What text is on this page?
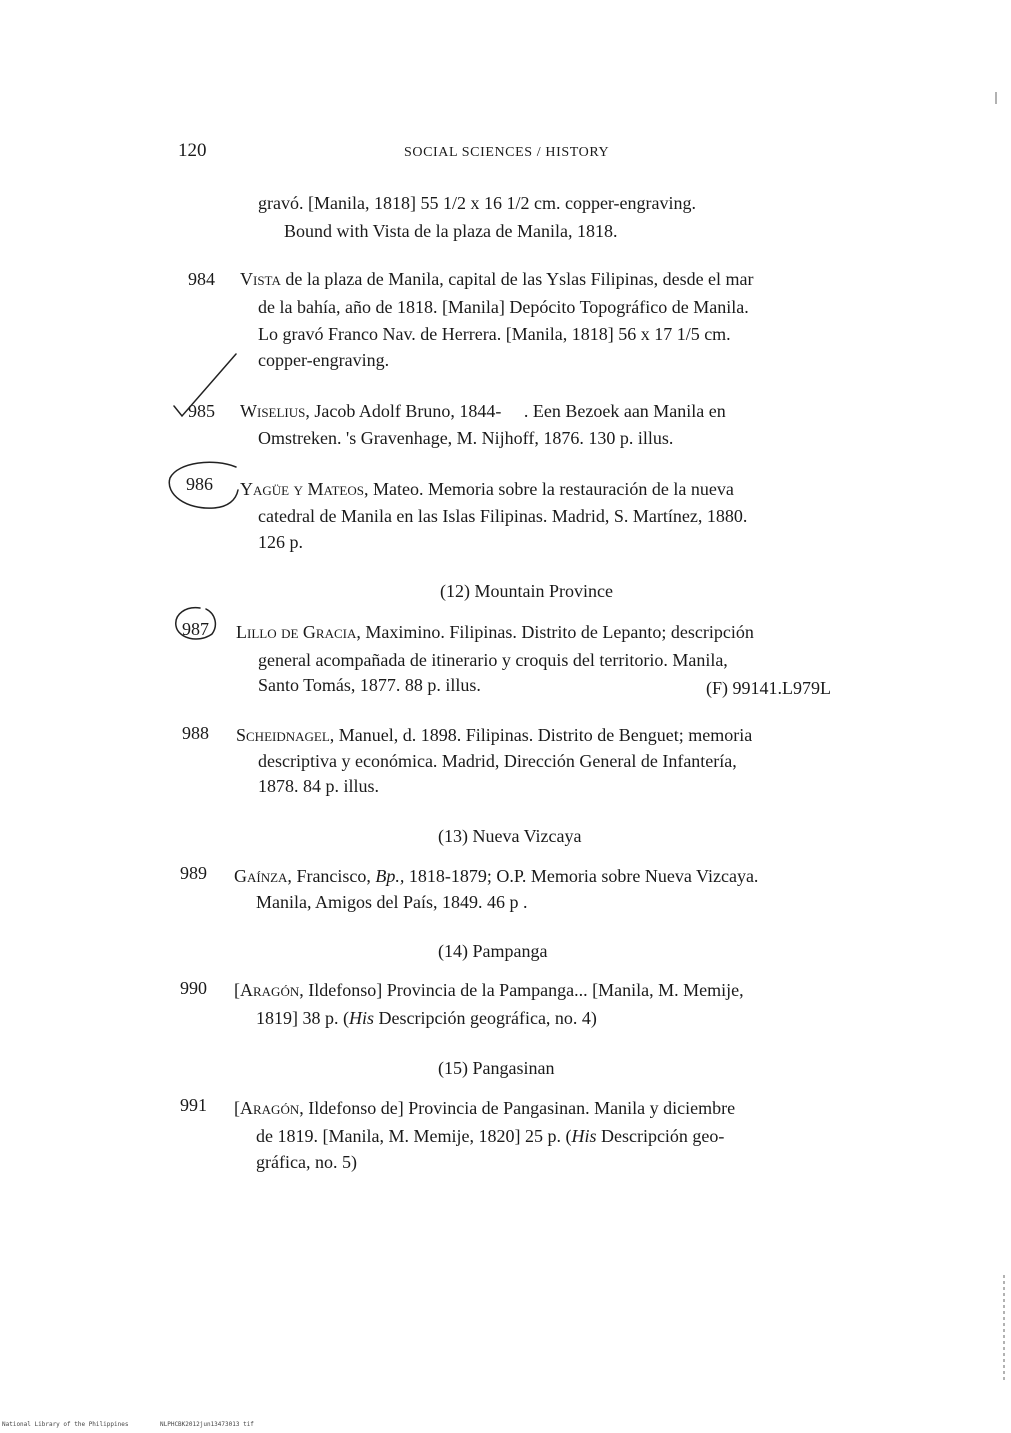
120	SOCIAL SCIENCES / HISTORY
gravó. [Manila, 1818] 55 1/2 x 16 1/2 cm. copper-engraving.
Bound with Vista de la plaza de Manila, 1818.
984 Vista de la plaza de Manila, capital de las Yslas Filipinas, desde el mar
de la bahía, año de 1818. [Manila] Depócito Topográfico de Manila.
Lo gravó Franco Nav. de Herrera. [Manila, 1818] 56 x 17 1/5 cm.
copper-engraving.
985 Wiselius, Jacob Adolf Bruno, 1844-     . Een Bezoek aan Manila en
Omstreken. 's Gravenhage, M. Nijhoff, 1876. 130 p. illus.
986 Yagüe y Mateos, Mateo. Memoria sobre la restauración de la nueva
catedral de Manila en las Islas Filipinas. Madrid, S. Martínez, 1880.
126 p.
(12) Mountain Province
987 Lillo de Gracia, Maximino. Filipinas. Distrito de Lepanto; descripción
general acompañada de itinerario y croquis del territorio. Manila,
Santo Tomás, 1877. 88 p. illus.	(F) 99141.L979L
988 Scheidnagel, Manuel, d. 1898. Filipinas. Distrito de Benguet; memoria
descriptiva y económica. Madrid, Dirección General de Infantería,
1878. 84 p. illus.
(13) Nueva Vizcaya
989 Gaínza, Francisco, Bp., 1818-1879; O.P. Memoria sobre Nueva Vizcaya.
Manila, Amigos del País, 1849. 46 p .
(14) Pampanga
990 [Aragón, Ildefonso] Provincia de la Pampanga... [Manila, M. Memije,
1819] 38 p. (His Descripción geográfica, no. 4)
(15) Pangasinan
991 [Aragón, Ildefonso de] Provincia de Pangasinan. Manila y diciembre
de 1819. [Manila, M. Memije, 1820] 25 p. (His Descripción geo-
gráfica, no. 5)
National Library of the Philippines	NLPHCBK2012jun13473013 tif
